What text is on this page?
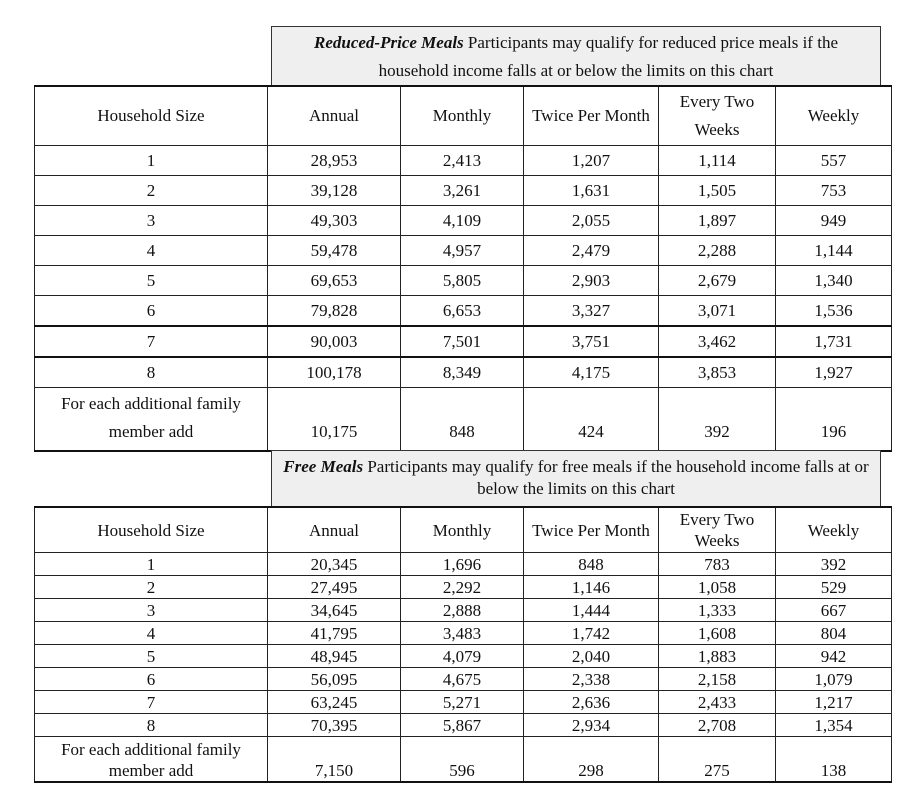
Reduced-Price Meals Participants may qualify for reduced price meals if the household income falls at or below the limits on this chart
Household Size	Annual	Monthly	Twice Per Month	Every Two Weeks	Weekly
1	28,953	2,413	1,207	1,114	557
2	39,128	3,261	1,631	1,505	753
3	49,303	4,109	2,055	1,897	949
4	59,478	4,957	2,479	2,288	1,144
5	69,653	5,805	2,903	2,679	1,340
6	79,828	6,653	3,327	3,071	1,536
7	90,003	7,501	3,751	3,462	1,731
8	100,178	8,349	4,175	3,853	1,927
For each additional family member add	10,175	848	424	392	196
Free Meals Participants may qualify for free meals if the household income falls at or below the limits on this chart
Household Size	Annual	Monthly	Twice Per Month	Every Two Weeks	Weekly
1	20,345	1,696	848	783	392
2	27,495	2,292	1,146	1,058	529
3	34,645	2,888	1,444	1,333	667
4	41,795	3,483	1,742	1,608	804
5	48,945	4,079	2,040	1,883	942
6	56,095	4,675	2,338	2,158	1,079
7	63,245	5,271	2,636	2,433	1,217
8	70,395	5,867	2,934	2,708	1,354
For each additional family member add	7,150	596	298	275	138
